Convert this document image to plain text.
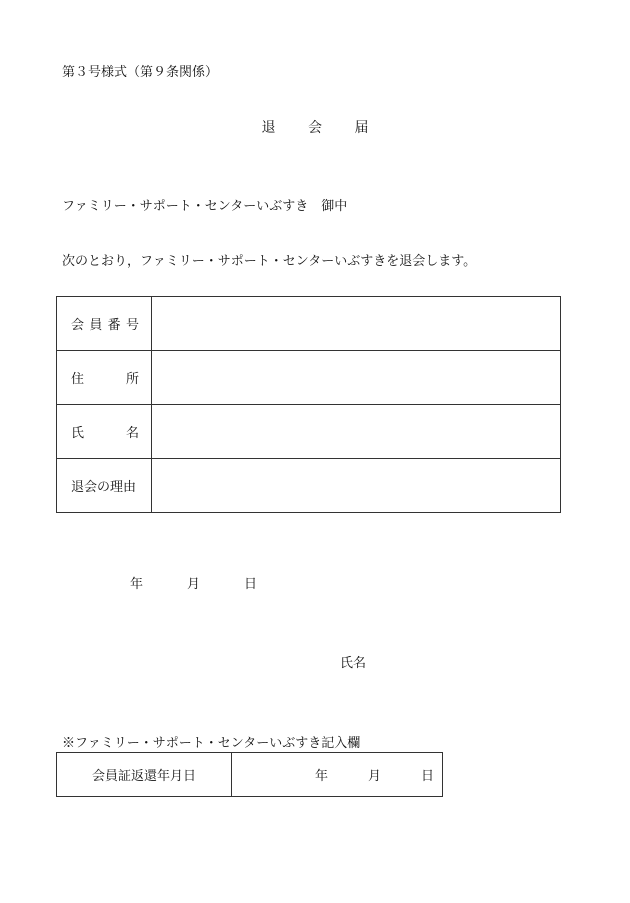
第３号様式（第９条関係）
退 会 届
ファミリー・サポート・センターいぶすき　御中
次のとおり，ファミリー・サポート・センターいぶすきを退会します。
会 員 番 号	

住 所	

氏 名	

退会の理由	

年	月	日
氏名
※ファミリー・サポート・センターいぶすき記入欄
会員証返還年月日	年	月	日
